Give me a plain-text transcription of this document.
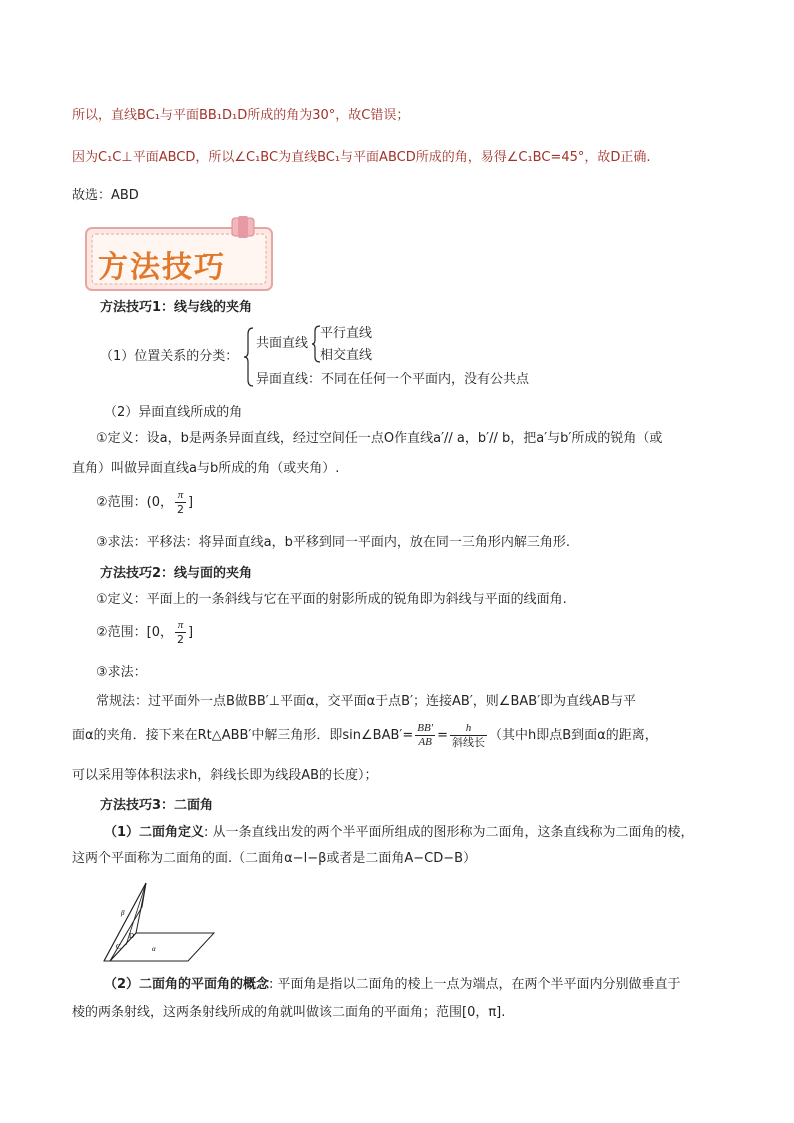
所以，直线BC₁与平面BB₁D₁D所成的角为30°，故C错误；
因为C₁C⊥平面ABCD，所以∠C₁BC为直线BC₁与平面ABCD所成的角，易得∠C₁BC=45°，故D正确.
故选：ABD
方法技巧
方法技巧1：线与线的夹角
（1）位置关系的分类：
共面直线
平行直线
相交直线
异面直线：不同在任何一个平面内，没有公共点
（2）异面直线所成的角
①定义：设a，b是两条异面直线，经过空间任一点O作直线a′// a，b′// b，把a′与b′所成的锐角（或
直角）叫做异面直线a与b所成的角（或夹角）.
②范围：(0， $\frac{\pi}{2}$ ]
③求法：平移法：将异面直线a，b平移到同一平面内，放在同一三角形内解三角形.
方法技巧2：线与面的夹角
①定义：平面上的一条斜线与它在平面的射影所成的锐角即为斜线与平面的线面角.
②范围：[0， $\frac{\pi}{2}$ ]
③求法：
常规法：过平面外一点B做BB′⊥平面α，交平面α于点B′；连接AB′，则∠BAB′即为直线AB与平
面α的夹角．接下来在Rt△ABB′中解三角形．即sin∠BAB′= $\frac{BB'}{AB} = \frac{h}{\text{斜线长}}$ （其中h即点B到面α的距离，
可以采用等体积法求h，斜线长即为线段AB的长度）；
方法技巧3：二面角
（1）二面角定义: 从一条直线出发的两个半平面所组成的图形称为二面角，这条直线称为二面角的棱，
这两个平面称为二面角的面.（二面角α−l−β或者是二面角A−CD−B）
β
α
C
D
（2）二面角的平面角的概念: 平面角是指以二面角的棱上一点为端点，在两个半平面内分别做垂直于
棱的两条射线，这两条射线所成的角就叫做该二面角的平面角；范围[0，π].
